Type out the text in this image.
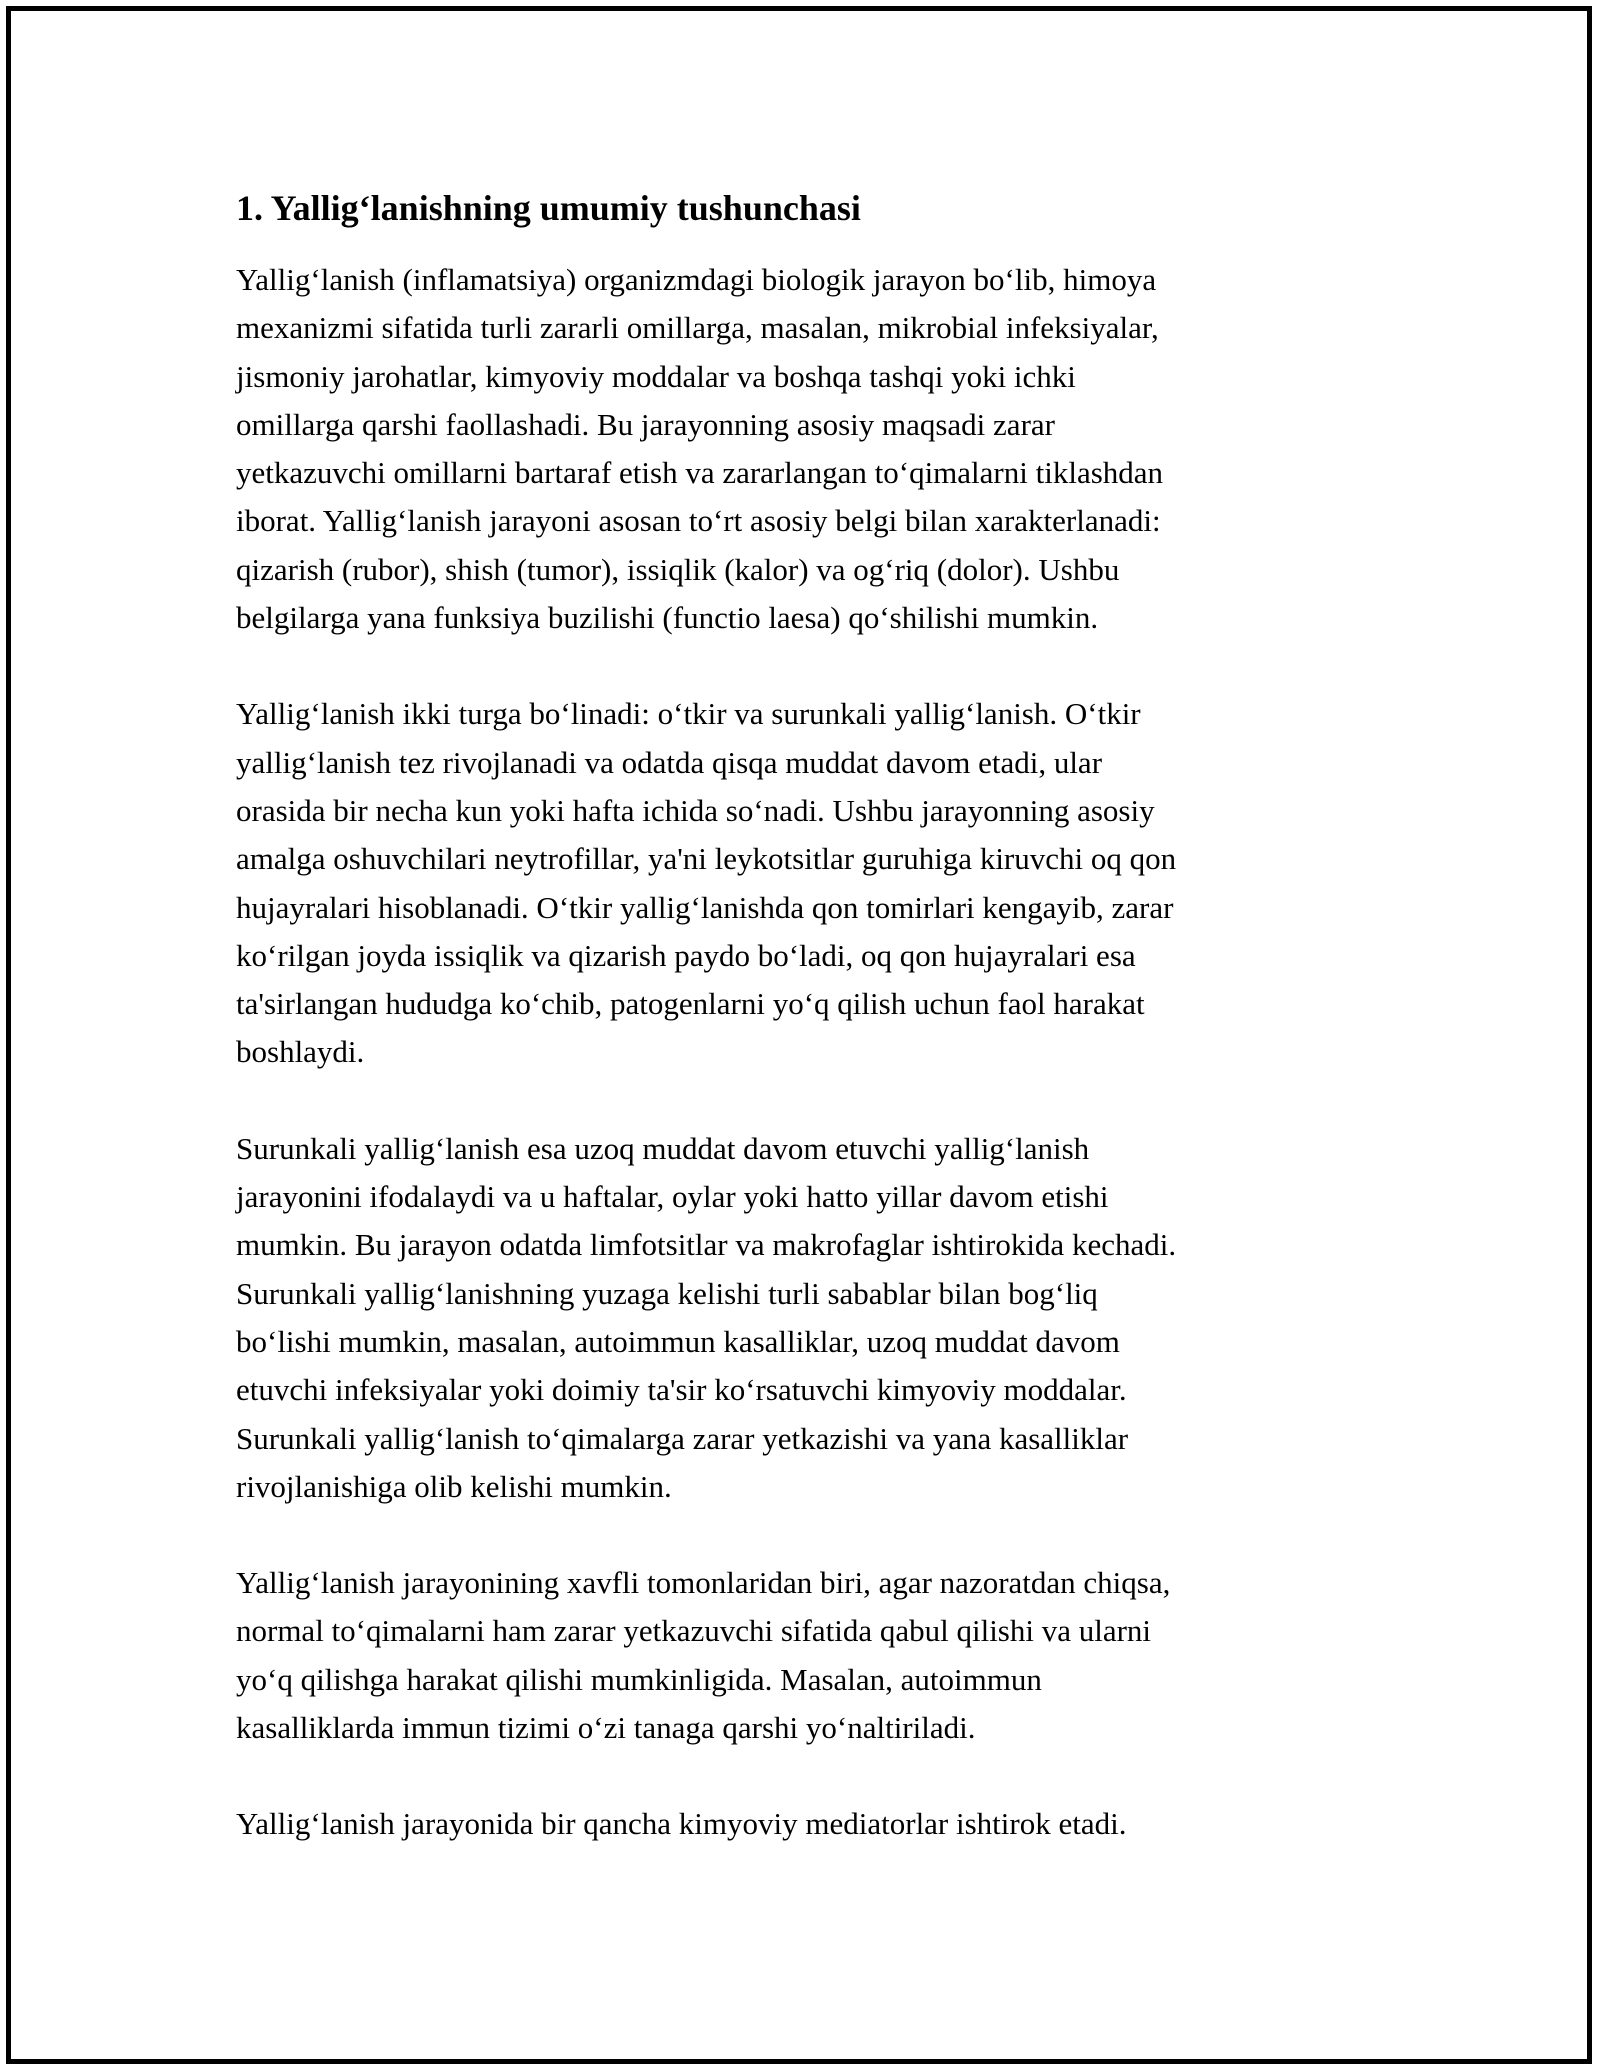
1. Yallig‘lanishning umumiy tushunchasi

Yallig‘lanish (inflamatsiya) organizmdagi biologik jarayon bo‘lib, himoya
mexanizmi sifatida turli zararli omillarga, masalan, mikrobial infeksiyalar,
jismoniy jarohatlar, kimyoviy moddalar va boshqa tashqi yoki ichki
omillarga qarshi faollashadi. Bu jarayonning asosiy maqsadi zarar
yetkazuvchi omillarni bartaraf etish va zararlangan to‘qimalarni tiklashdan
iborat. Yallig‘lanish jarayoni asosan to‘rt asosiy belgi bilan xarakterlanadi:
qizarish (rubor), shish (tumor), issiqlik (kalor) va og‘riq (dolor). Ushbu
belgilarga yana funksiya buzilishi (functio laesa) qo‘shilishi mumkin.

Yallig‘lanish ikki turga bo‘linadi: o‘tkir va surunkali yallig‘lanish. O‘tkir
yallig‘lanish tez rivojlanadi va odatda qisqa muddat davom etadi, ular
orasida bir necha kun yoki hafta ichida so‘nadi. Ushbu jarayonning asosiy
amalga oshuvchilari neytrofillar, ya'ni leykotsitlar guruhiga kiruvchi oq qon
hujayralari hisoblanadi. O‘tkir yallig‘lanishda qon tomirlari kengayib, zarar
ko‘rilgan joyda issiqlik va qizarish paydo bo‘ladi, oq qon hujayralari esa
ta'sirlangan hududga ko‘chib, patogenlarni yo‘q qilish uchun faol harakat
boshlaydi.

Surunkali yallig‘lanish esa uzoq muddat davom etuvchi yallig‘lanish
jarayonini ifodalaydi va u haftalar, oylar yoki hatto yillar davom etishi
mumkin. Bu jarayon odatda limfotsitlar va makrofaglar ishtirokida kechadi.
Surunkali yallig‘lanishning yuzaga kelishi turli sabablar bilan bog‘liq
bo‘lishi mumkin, masalan, autoimmun kasalliklar, uzoq muddat davom
etuvchi infeksiyalar yoki doimiy ta'sir ko‘rsatuvchi kimyoviy moddalar.
Surunkali yallig‘lanish to‘qimalarga zarar yetkazishi va yana kasalliklar
rivojlanishiga olib kelishi mumkin.

Yallig‘lanish jarayonining xavfli tomonlaridan biri, agar nazoratdan chiqsa,
normal to‘qimalarni ham zarar yetkazuvchi sifatida qabul qilishi va ularni
yo‘q qilishga harakat qilishi mumkinligida. Masalan, autoimmun
kasalliklarda immun tizimi o‘zi tanaga qarshi yo‘naltiriladi.

Yallig‘lanish jarayonida bir qancha kimyoviy mediatorlar ishtirok etadi.
